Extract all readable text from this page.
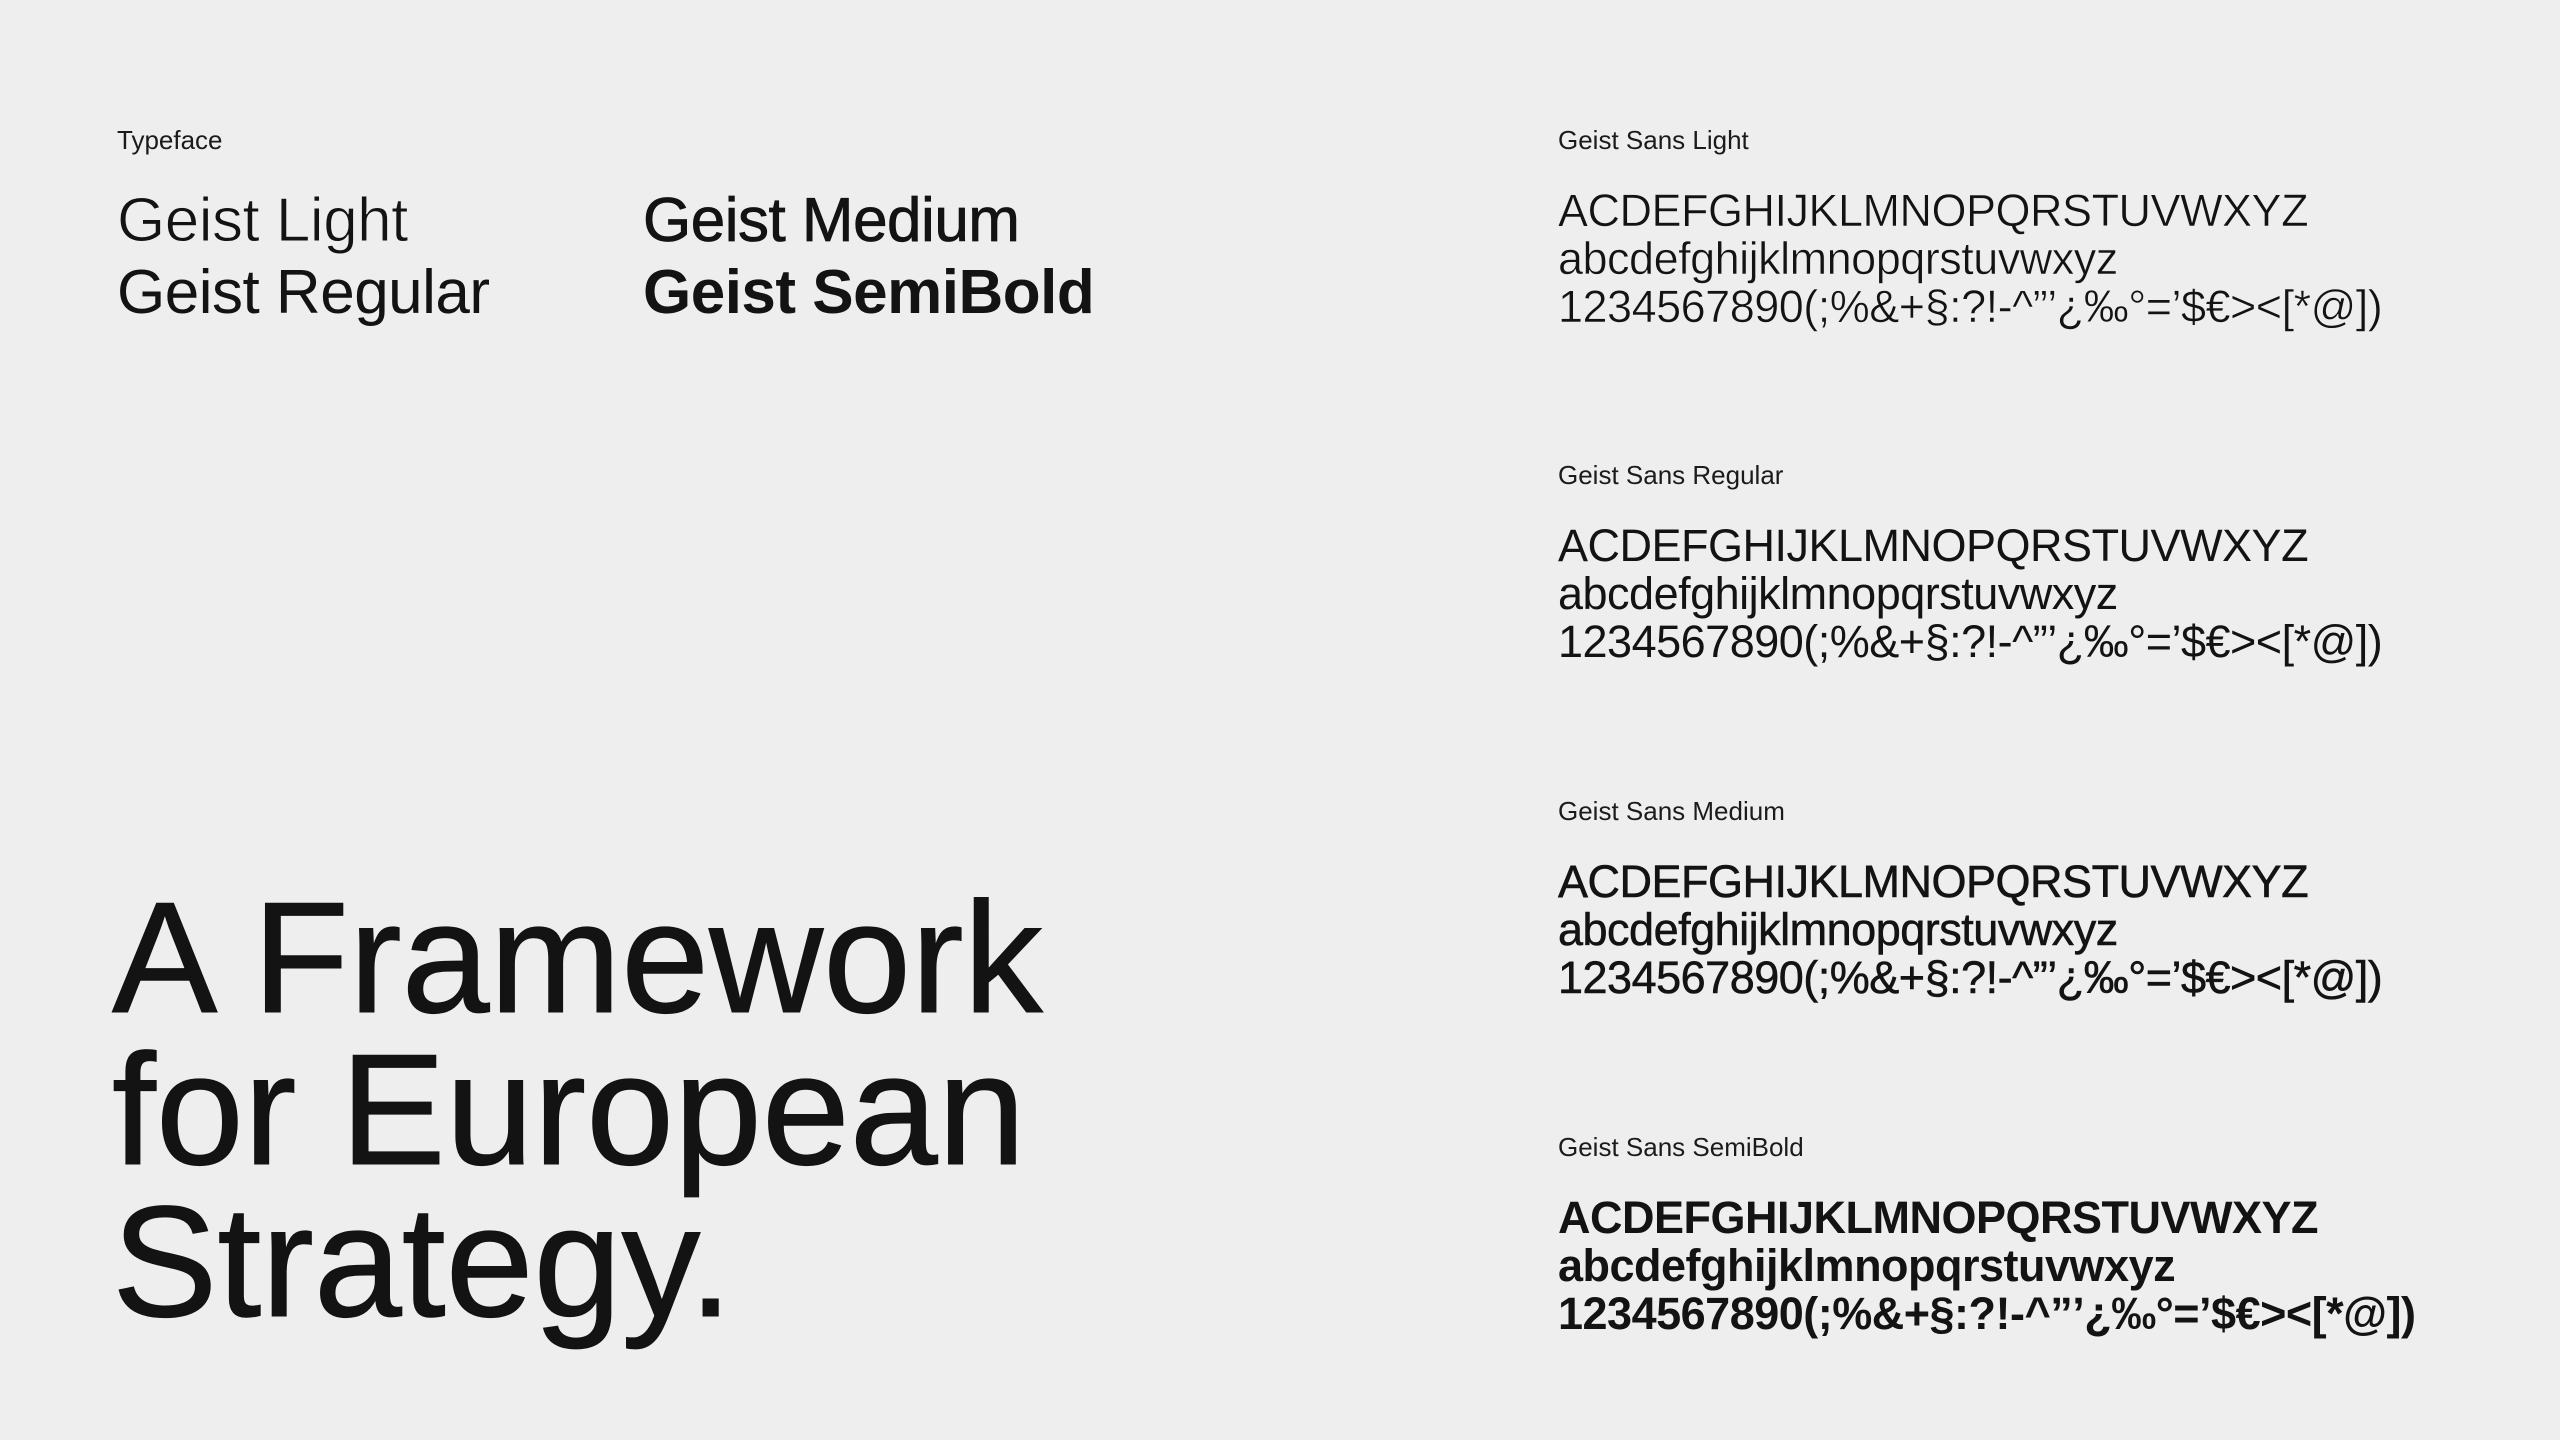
Typeface
Geist Light
Geist Regular
Geist Medium
Geist SemiBold
A Framework
for European
Strategy.
Geist Sans Light
ACDEFGHIJKLMNOPQRSTUVWXYZ
abcdefghijklmnopqrstuvwxyz
1234567890(;%&+§:?!-^”’¿‰°=’$€><[*@])
Geist Sans Regular
ACDEFGHIJKLMNOPQRSTUVWXYZ
abcdefghijklmnopqrstuvwxyz
1234567890(;%&+§:?!-^”’¿‰°=’$€><[*@])
Geist Sans Medium
ACDEFGHIJKLMNOPQRSTUVWXYZ
abcdefghijklmnopqrstuvwxyz
1234567890(;%&+§:?!-^”’¿‰°=’$€><[*@])
Geist Sans SemiBold
ACDEFGHIJKLMNOPQRSTUVWXYZ
abcdefghijklmnopqrstuvwxyz
1234567890(;%&+§:?!-^”’¿‰°=’$€><[*@])
